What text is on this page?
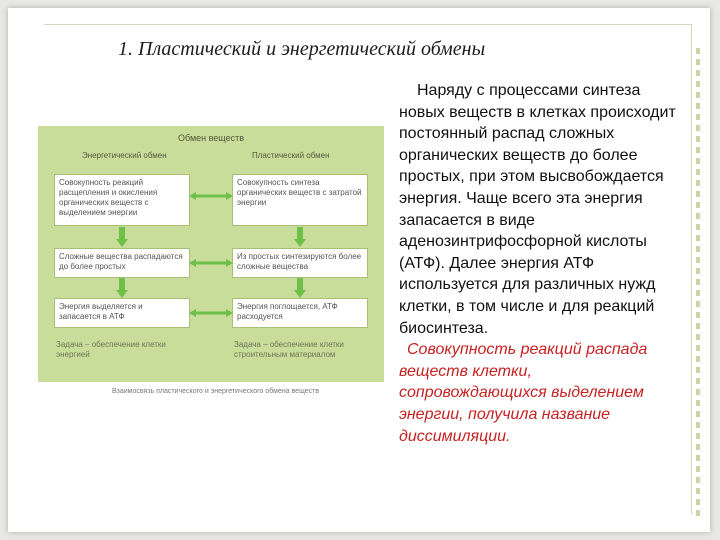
1. Пластический и энергетический обмены
Обмен веществ
Энергетический обмен	Пластический обмен
Совокупность реакций расщепления и окисления органических веществ с выделением энергии
Совокупность синтеза органических веществ с затратой энергии
Сложные вещества распадаются до более простых
Из простых синтезируются более сложные вещества
Энергия выделяется и запасается в АТФ
Энергия поглощается, АТФ расходуется
Задача – обеспечение клетки энергией
Задача – обеспечение клетки строительным материалом
Взаимосвязь пластического и энергетического обмена веществ

Наряду с процессами синтеза новых веществ в клетках происходит постоянный распад сложных органических веществ до более простых, при этом высвобождается энергия. Чаще всего эта энергия запасается в виде аденозинтрифосфорной кислоты (АТФ). Далее энергия АТФ используется для различных нужд клетки, в том числе и для реакций биосинтеза.

Совокупность реакций распада веществ клетки, сопровождающихся выделением энергии, получила название диссимиляции.
